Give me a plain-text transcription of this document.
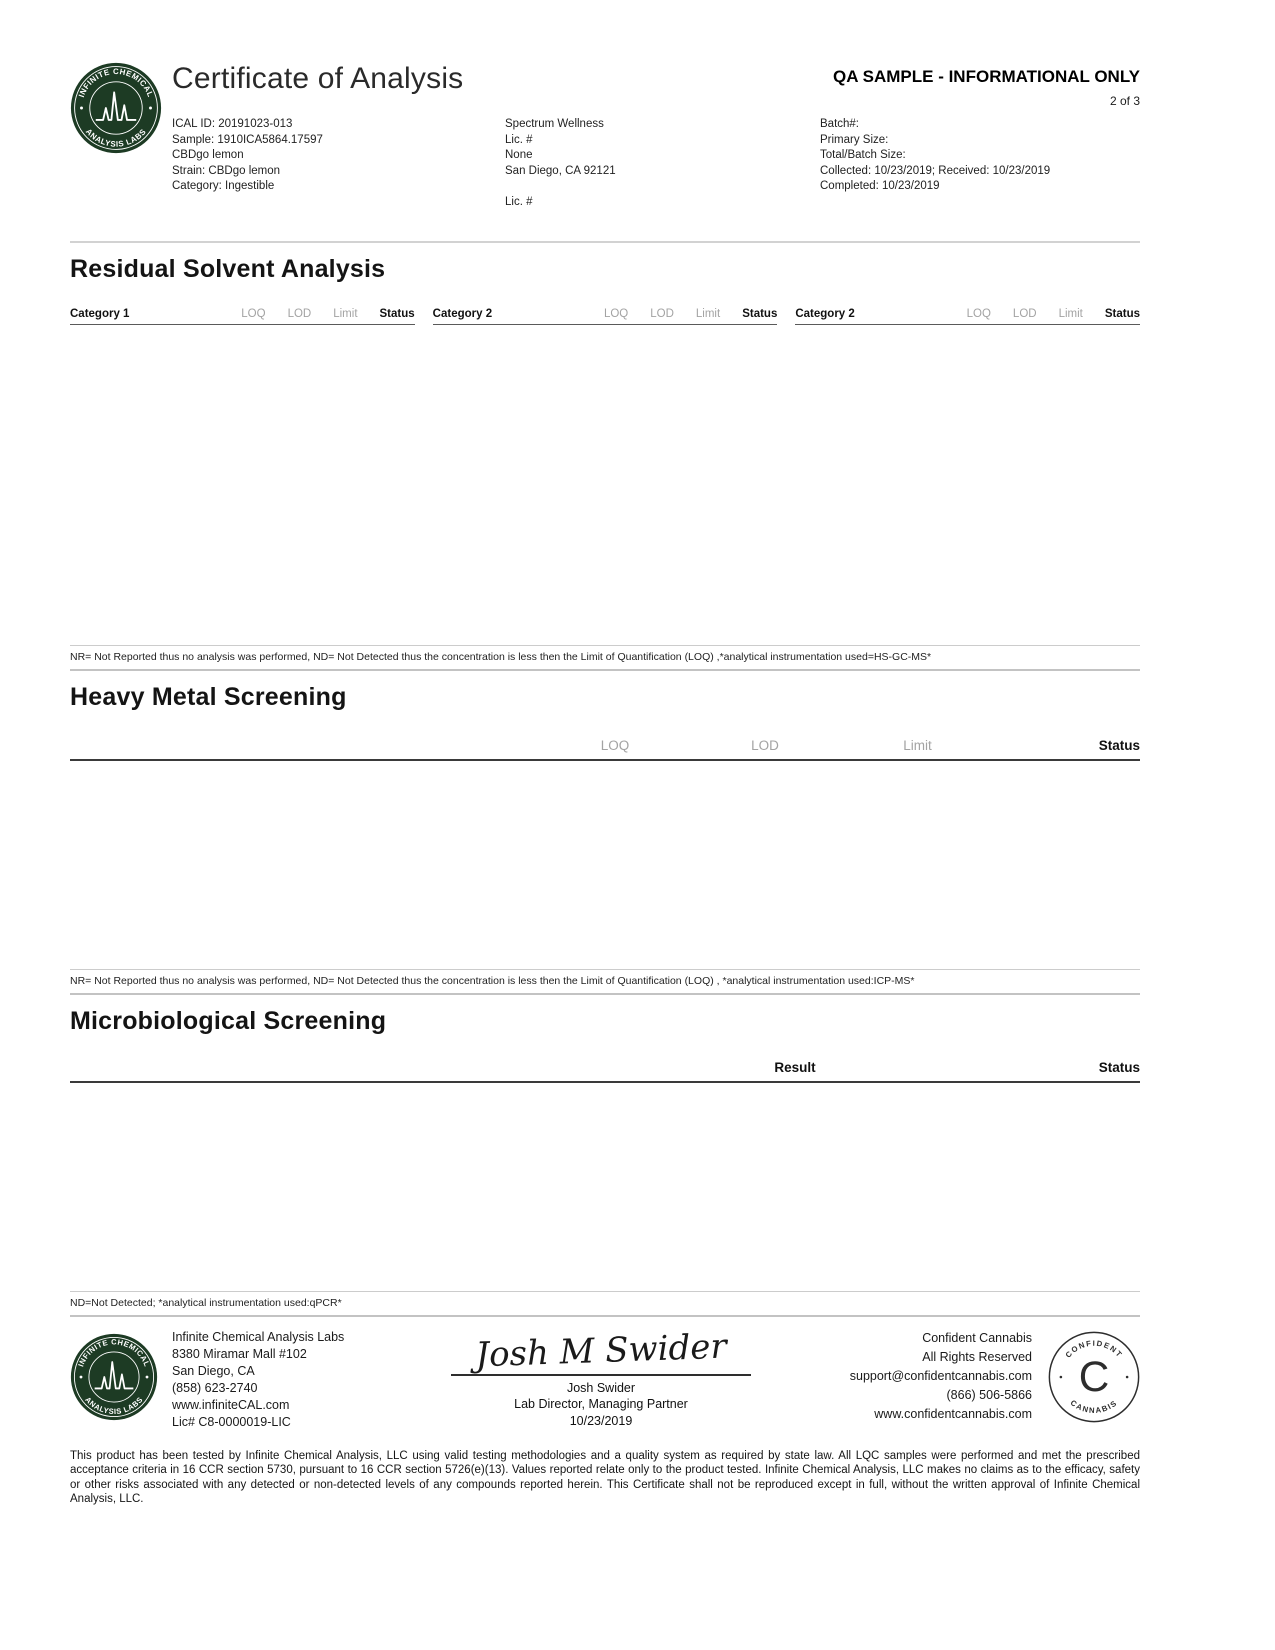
INFINITE CHEMICAL
ANALYSIS LABS
Certificate of Analysis	QA SAMPLE - INFORMATIONAL ONLY
2 of 3
ICAL ID: 20191023-013
Sample: 1910ICA5864.17597
CBDgo lemon
Strain: CBDgo lemon
Category: Ingestible
Spectrum Wellness
Lic. #
None
San Diego, CA 92121
Lic. #
Batch#:
Primary Size:
Total/Batch Size:
Collected: 10/23/2019; Received: 10/23/2019
Completed: 10/23/2019
Residual Solvent Analysis
Category 1	LOQ LOD Limit Status Category 2	LOQ LOD Limit Status Category 2	LOQ LOD Limit Status
NR= Not Reported thus no analysis was performed, ND= Not Detected thus the concentration is less then the Limit of Quantification (LOQ) ,*analytical instrumentation used=HS-GC-MS*
Heavy Metal Screening
LOQ	LOD	Limit	Status
NR= Not Reported thus no analysis was performed, ND= Not Detected thus the concentration is less then the Limit of Quantification (LOQ) , *analytical instrumentation used:ICP-MS*
Microbiological Screening
Result	Status
ND=Not Detected; *analytical instrumentation used:qPCR*
INFINITE CHEMICAL
ANALYSIS LABS
Infinite Chemical Analysis Labs
8380 Miramar Mall #102
San Diego, CA
(858) 623-2740
www.infiniteCAL.com
Lic# C8-0000019-LIC
Josh M Swider
Josh Swider
Lab Director, Managing Partner
10/23/2019
Confident Cannabis
All Rights Reserved
support@confidentcannabis.com
(866) 506-5866
www.confidentcannabis.com
CONFIDENT
CANNABIS
C
This product has been tested by Infinite Chemical Analysis, LLC using valid testing methodologies and a quality system as required by state law. All LQC samples were performed and met the prescribed acceptance criteria in 16 CCR section 5730, pursuant to 16 CCR section 5726(e)(13). Values reported relate only to the product tested. Infinite Chemical Analysis, LLC makes no claims as to the efficacy, safety or other risks associated with any detected or non-detected levels of any compounds reported herein. This Certificate shall not be reproduced except in full, without the written approval of Infinite Chemical Analysis, LLC.
